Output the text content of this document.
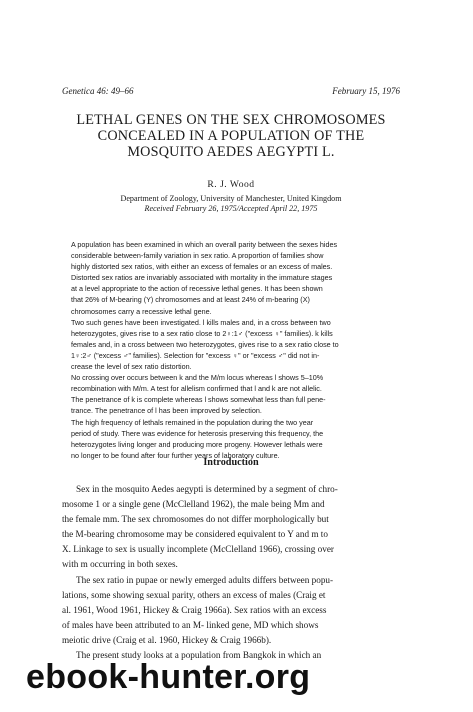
Genetica 46: 49–66	February 15, 1976
LETHAL GENES ON THE SEX CHROMOSOMES
CONCEALED IN A POPULATION OF THE
MOSQUITO AEDES AEGYPTI L.
R. J. Wood
Department of Zoology, University of Manchester, United Kingdom
Received February 26, 1975/Accepted April 22, 1975
A population has been examined in which an overall parity between the sexes hides
considerable between-family variation in sex ratio. A proportion of families show
highly distorted sex ratios, with either an excess of females or an excess of males.
Distorted sex ratios are invariably associated with mortality in the immature stages
at a level appropriate to the action of recessive lethal genes. It has been shown
that 26% of M-bearing (Y) chromosomes and at least 24% of m-bearing (X)
chromosomes carry a recessive lethal gene.
Two such genes have been investigated. l kills males and, in a cross between two
heterozygotes, gives rise to a sex ratio close to 2♀:1♂ ("excess ♀" families). k kills
females and, in a cross between two heterozygotes, gives rise to a sex ratio close to
1♀:2♂ ("excess ♂" families). Selection for "excess ♀" or "excess ♂" did not in-
crease the level of sex ratio distortion.
No crossing over occurs between k and the M/m locus whereas l shows 5–10%
recombination with M/m. A test for allelism confirmed that l and k are not allelic.
The penetrance of k is complete whereas l shows somewhat less than full pene-
trance. The penetrance of l has been improved by selection.
The high frequency of lethals remained in the population during the two year
period of study. There was evidence for heterosis preserving this frequency, the
heterozygotes living longer and producing more progeny. However lethals were
no longer to be found after four further years of laboratory culture.
Introduction
Sex in the mosquito Aedes aegypti is determined by a segment of chro-
mosome 1 or a single gene (McClelland 1962), the male being Mm and
the female mm. The sex chromosomes do not differ morphologically but
the M-bearing chromosome may be considered equivalent to Y and m to
X. Linkage to sex is usually incomplete (McClelland 1966), crossing over
with m occurring in both sexes.
The sex ratio in pupae or newly emerged adults differs between popu-
lations, some showing sexual parity, others an excess of males (Craig et
al. 1961, Wood 1961, Hickey & Craig 1966a). Sex ratios with an excess
of males have been attributed to an M- linked gene, MD which shows
meiotic drive (Craig et al. 1960, Hickey & Craig 1966b).
The present study looks at a population from Bangkok in which an
ebook-hunter.org
